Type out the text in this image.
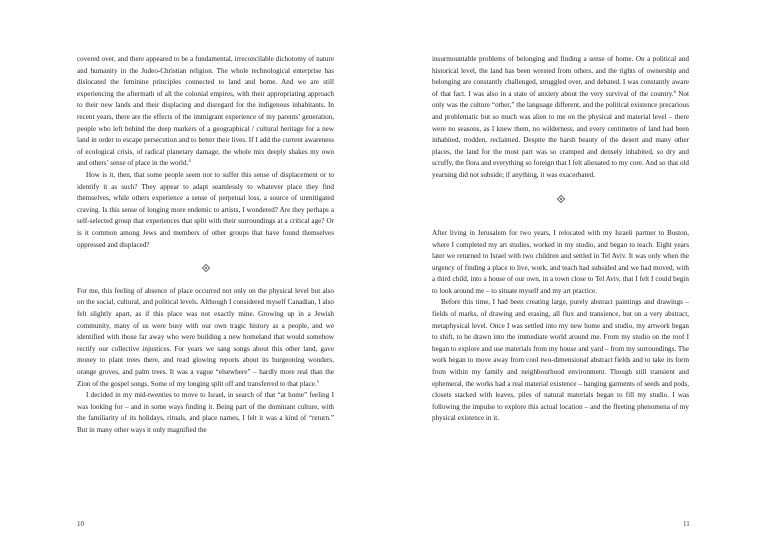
covered over, and there appeared to be a fundamental, irreconcilable dichotomy of nature and humanity in the Judeo-Christian religion. The whole technological enterprise has dislocated the feminine principles connected to land and home. And we are still experiencing the aftermath of all the colonial empires, with their appropriating approach to their new lands and their displacing and disregard for the indigenous inhabitants. In recent years, there are the effects of the immigrant experience of my parents’ generation, people who left behind the deep markers of a geographical / cultural heritage for a new land in order to escape persecution and to better their lives. If I add the current awareness of ecological crisis, of radical planetary damage, the whole mix deeply shakes my own and others’ sense of place in the world.$^4$

How is it, then, that some people seem not to suffer this sense of displacement or to identify it as such? They appear to adapt seamlessly to whatever place they find themselves, while others experience a sense of perpetual loss, a source of unmitigated craving. Is this sense of longing more endemic to artists, I wondered? Are they perhaps a self-selected group that experiences that split with their surroundings at a critical age? Or is it common among Jews and members of other groups that have found themselves oppressed and displaced?

For me, this feeling of absence of place occurred not only on the physical level but also on the social, cultural, and political levels. Although I considered myself Canadian, I also felt slightly apart, as if this place was not exactly mine. Growing up in a Jewish community, many of us were busy with our own tragic history as a people, and we identified with those far away who were building a new homeland that would somehow rectify our collective injustices. For years we sang songs about this other land, gave money to plant trees there, and read glowing reports about its burgeoning wonders, orange groves, and palm trees. It was a vague “elsewhere” – hardly more real than the Zion of the gospel songs. Some of my longing split off and transferred to that place.$^5$

I decided in my mid-twenties to move to Israel, in search of that “at home” feeling I was looking for – and in some ways finding it. Being part of the dominant culture, with the familiarity of its holidays, rituals, and place names, I felt it was a kind of “return.” But in many other ways it only magnified the

10

insurmountable problems of belonging and finding a sense of home. On a political and historical level, the land has been wrested from others, and the rights of ownership and belonging are constantly challenged, struggled over, and debated. I was constantly aware of that fact. I was also in a state of anxiety about the very survival of the country.$^6$ Not only was the culture “other,” the language different, and the political existence precarious and problematic but so much was alien to me on the physical and material level – there were no seasons, as I knew them, no wilderness, and every centimetre of land had been inhabited, trodden, reclaimed. Despite the harsh beauty of the desert and many other places, the land for the most part was so cramped and densely inhabited, so dry and scruffy, the flora and everything so foreign that I felt alienated to my core. And so that old yearning did not subside; if anything, it was exacerbated.

After living in Jerusalem for two years, I relocated with my Israeli partner to Boston, where I completed my art studies, worked in my studio, and began to teach. Eight years later we returned to Israel with two children and settled in Tel Aviv. It was only when the urgency of finding a place to live, work, and teach had subsided and we had moved, with a third child, into a house of our own, in a town close to Tel Aviv, that I felt I could begin to look around me – to situate myself and my art practice.

Before this time, I had been creating large, purely abstract paintings and drawings – fields of marks, of drawing and erasing, all flux and transience, but on a very abstract, metaphysical level. Once I was settled into my new home and studio, my artwork began to shift, to be drawn into the immediate world around me. From my studio on the roof I began to explore and use materials from my house and yard – from my surroundings. The work began to move away from cool two-dimensional abstract fields and to take its form from within my family and neighbourhood environment. Though still transient and ephemeral, the works had a real material existence – hanging garments of seeds and pods, closets stacked with leaves, piles of natural materials began to fill my studio. I was following the impulse to explore this actual location – and the fleeting phenomena of my physical existence in it.

11
